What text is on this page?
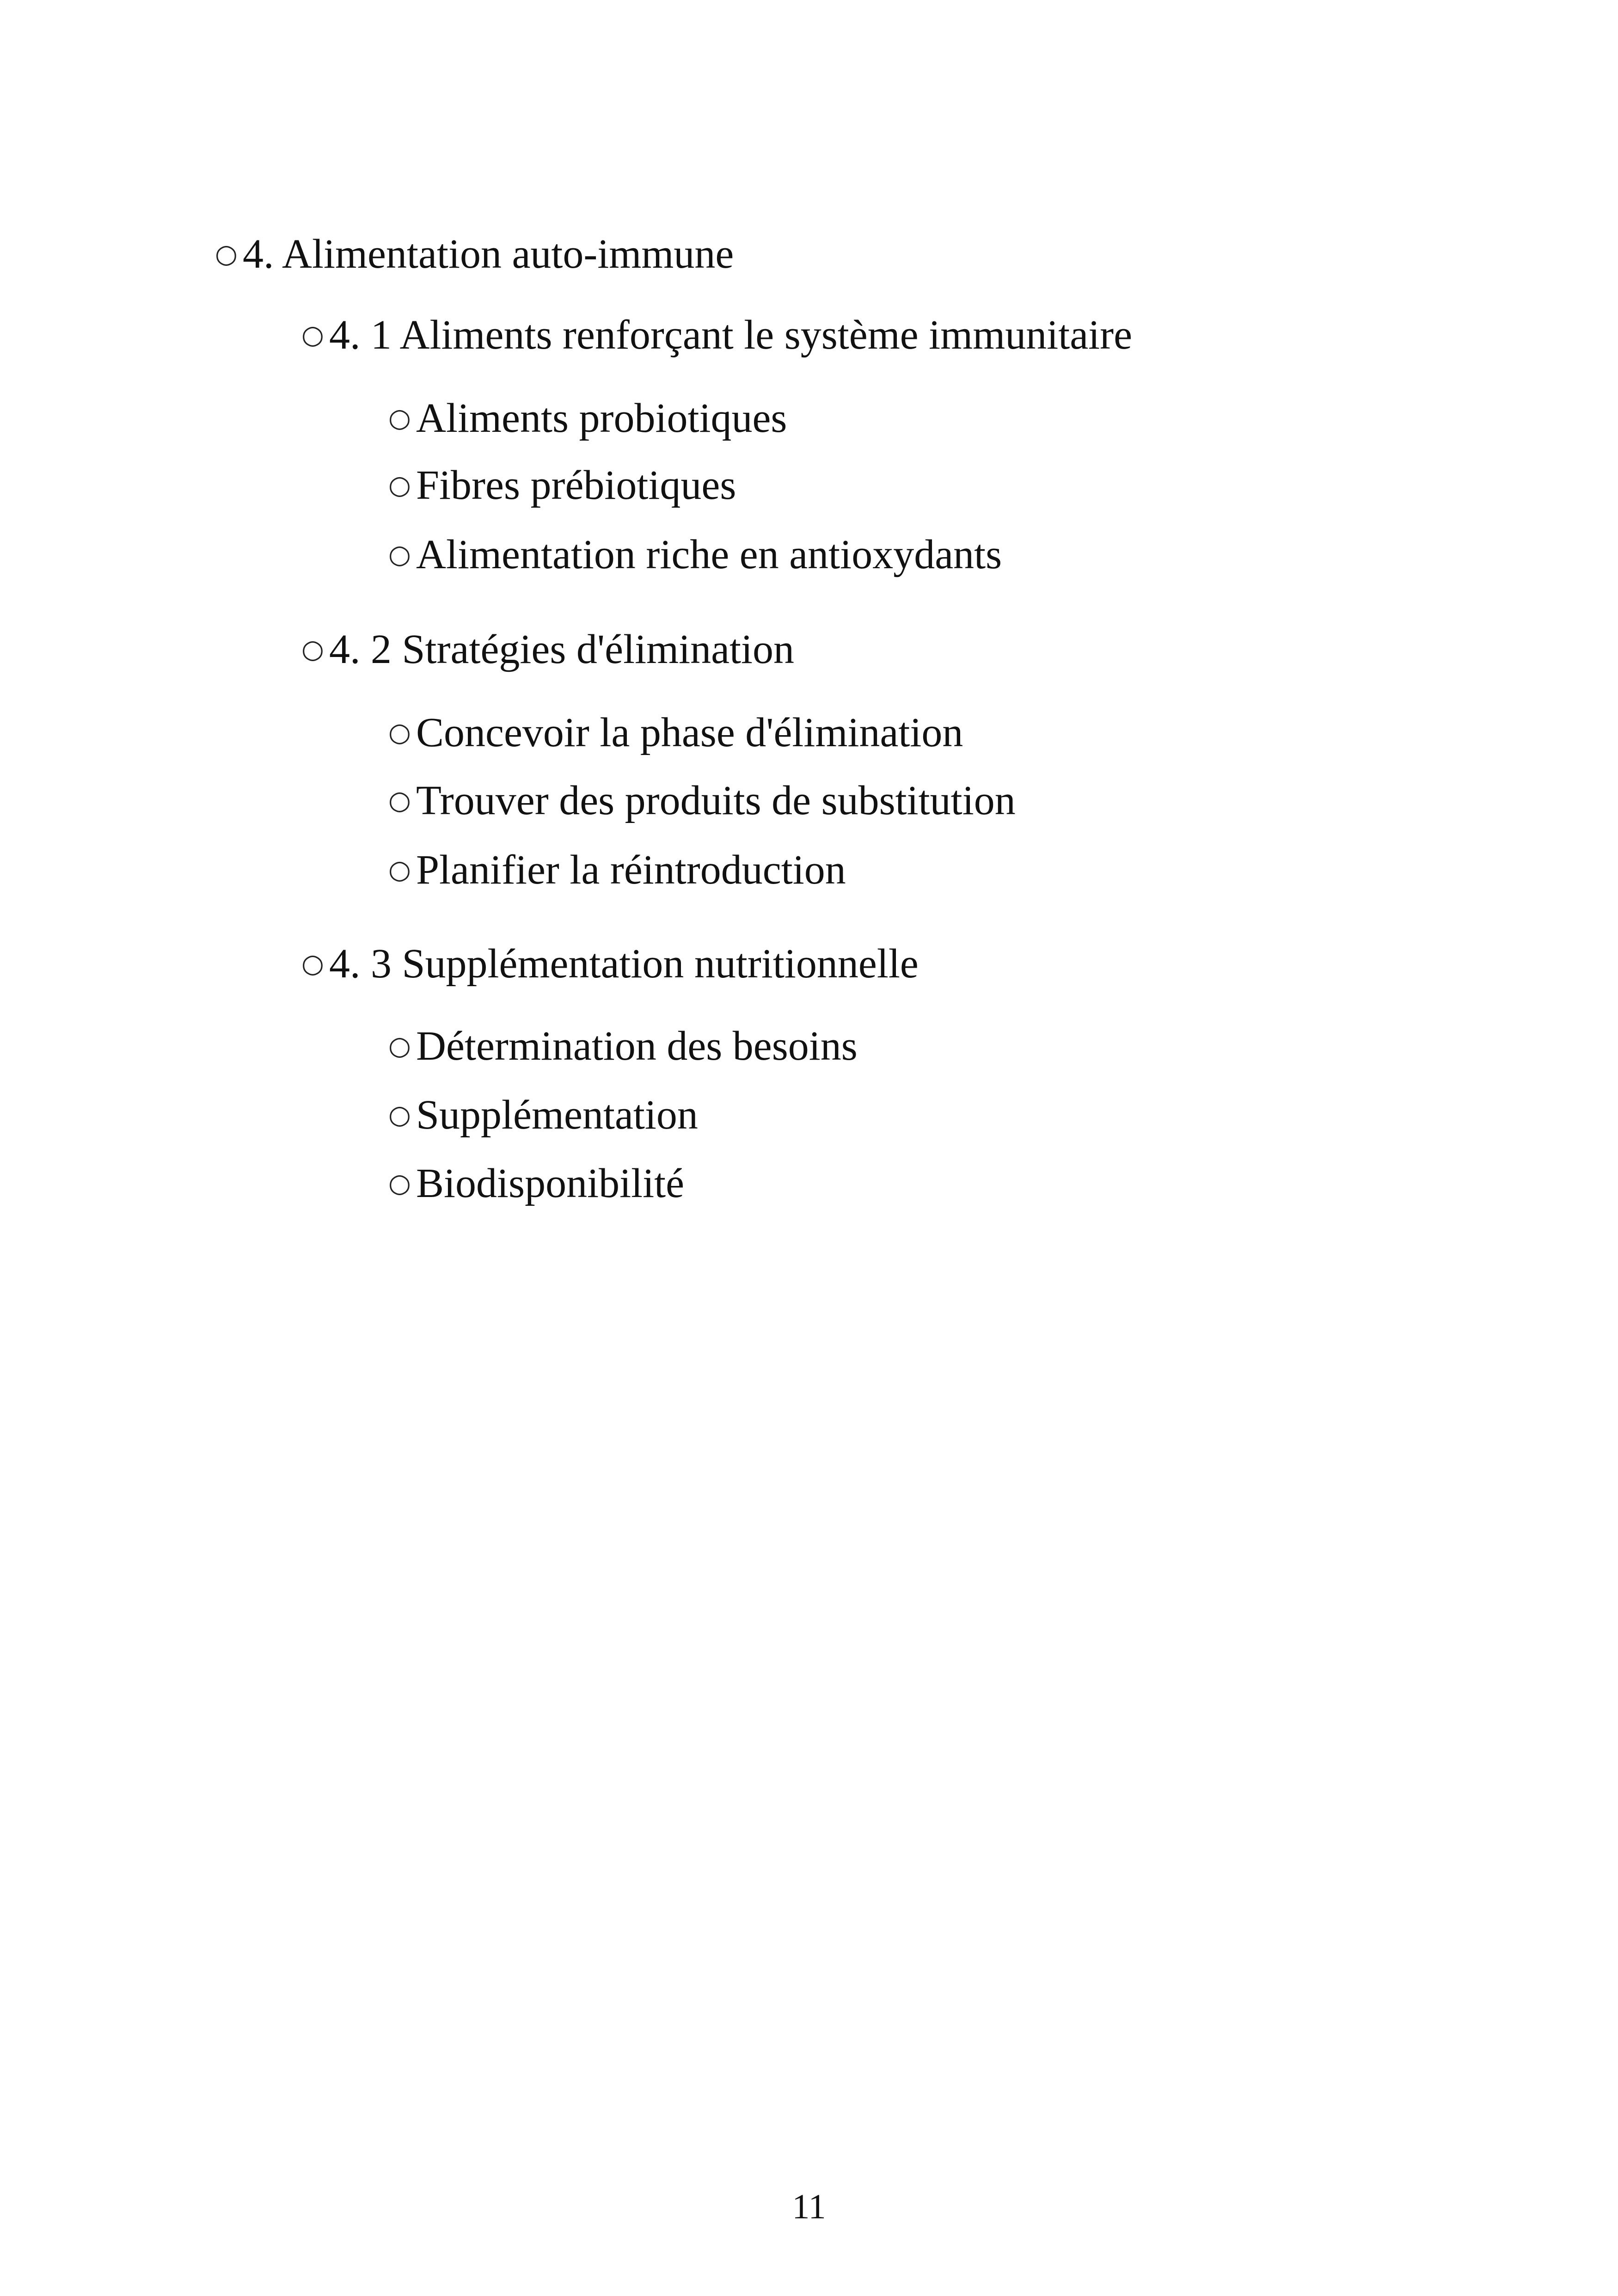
○ 4. Alimentation auto-immune
○ 4. 1 Aliments renforçant le système immunitaire
○ Aliments probiotiques
○ Fibres prébiotiques
○ Alimentation riche en antioxydants
○ 4. 2 Stratégies d'élimination
○ Concevoir la phase d'élimination
○ Trouver des produits de substitution
○ Planifier la réintroduction
○ 4. 3 Supplémentation nutritionnelle
○ Détermination des besoins
○ Supplémentation
○ Biodisponibilité
11
